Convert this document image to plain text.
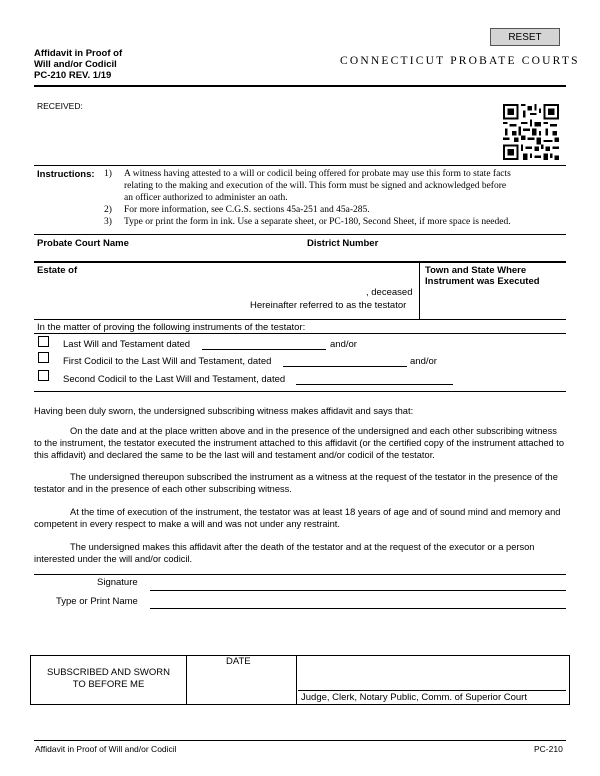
RESET
Affidavit in Proof of
Will and/or Codicil
PC-210 REV. 1/19
CONNECTICUT PROBATE COURTS
RECEIVED:
Instructions: 1)	A witness having attested to a will or codicil being offered for probate may use this form to state facts
relating to the making and execution of the will. This form must be signed and acknowledged before
an officer authorized to administer an oath.
2)	For more information, see C.G.S. sections 45a-251 and 45a-285.
3)	Type or print the form in ink. Use a separate sheet, or PC-180, Second Sheet, if more space is needed.
Probate Court Name	District Number
Estate of
, deceased
Hereinafter referred to as the testator
Town and State Where Instrument was Executed
In the matter of proving the following instruments of the testator:
Last Will and Testament dated	and/or
First Codicil to the Last Will and Testament, dated	and/or
Second Codicil to the Last Will and Testament, dated
Having been duly sworn, the undersigned subscribing witness makes affidavit and says that:
On the date and at the place written above and in the presence of the undersigned and each other subscribing witness to the instrument, the testator executed the instrument attached to this affidavit (or the certified copy of the instrument attached to this affidavit) and declared the same to be the last will and testament and/or codicil of the testator.
The undersigned thereupon subscribed the instrument as a witness at the request of the testator in the presence of the testator and in the presence of each other subscribing witness.
At the time of execution of the instrument, the testator was at least 18 years of age and of sound mind and memory and competent in every respect to make a will and was not under any restraint.
The undersigned makes this affidavit after the death of the testator and at the request of the executor or a person interested under the will and/or codicil.
Signature
Type or Print Name
SUBSCRIBED AND SWORN
TO BEFORE ME
DATE
Judge, Clerk, Notary Public, Comm. of Superior Court
Affidavit in Proof of Will and/or Codicil	PC-210
